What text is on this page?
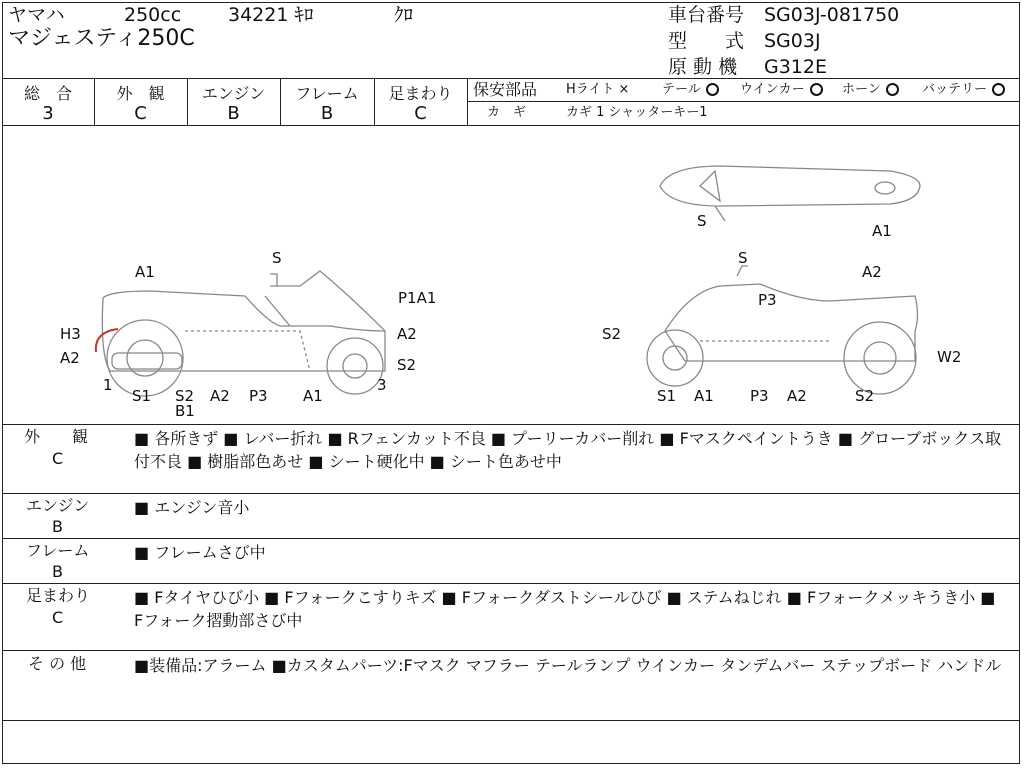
ヤマハ	250cc 34221 ｷﾛ	ｸﾛ
マジェスティ250C
車台番号 SG03J-081750
型　　式 SG03J
原 動 機 G312E
総　合
3
外　観
C
エンジン
B
フレーム
B
足まわり
C
保安部品 Hライト ×	テール	ウインカー	ホーン	バッテリー
カ　ギ	カギ 1 シャッターキー1
A1
S
P1A1
H3
A2
A2
S2
1	3
S1 S2
B1
A2 P3 A1
S
A2
P3
S2
W2
S1 A1 P3 A2	S2
S
A1
外　　観
C
■ 各所きず ■ レバー折れ ■ Rフェンカット不良 ■ プーリーカバー削れ ■ Fマスクペイントうき ■ グローブボックス取付不良 ■ 樹脂部色あせ ■ シート硬化中 ■ シート色あせ中
エンジン
B
■ エンジン音小
フレーム
B
■ フレームさび中
足まわり
C
■ Fタイヤひび小 ■ Fフォークこすりキズ ■ Fフォークダストシールひび ■ ステムねじれ ■ Fフォークメッキうき小 ■ Fフォーク摺動部さび中
そ の 他	■装備品:アラーム ■カスタムパーツ:Fマスク マフラー テールランプ ウインカー タンデムバー ステップボード ハンドル
